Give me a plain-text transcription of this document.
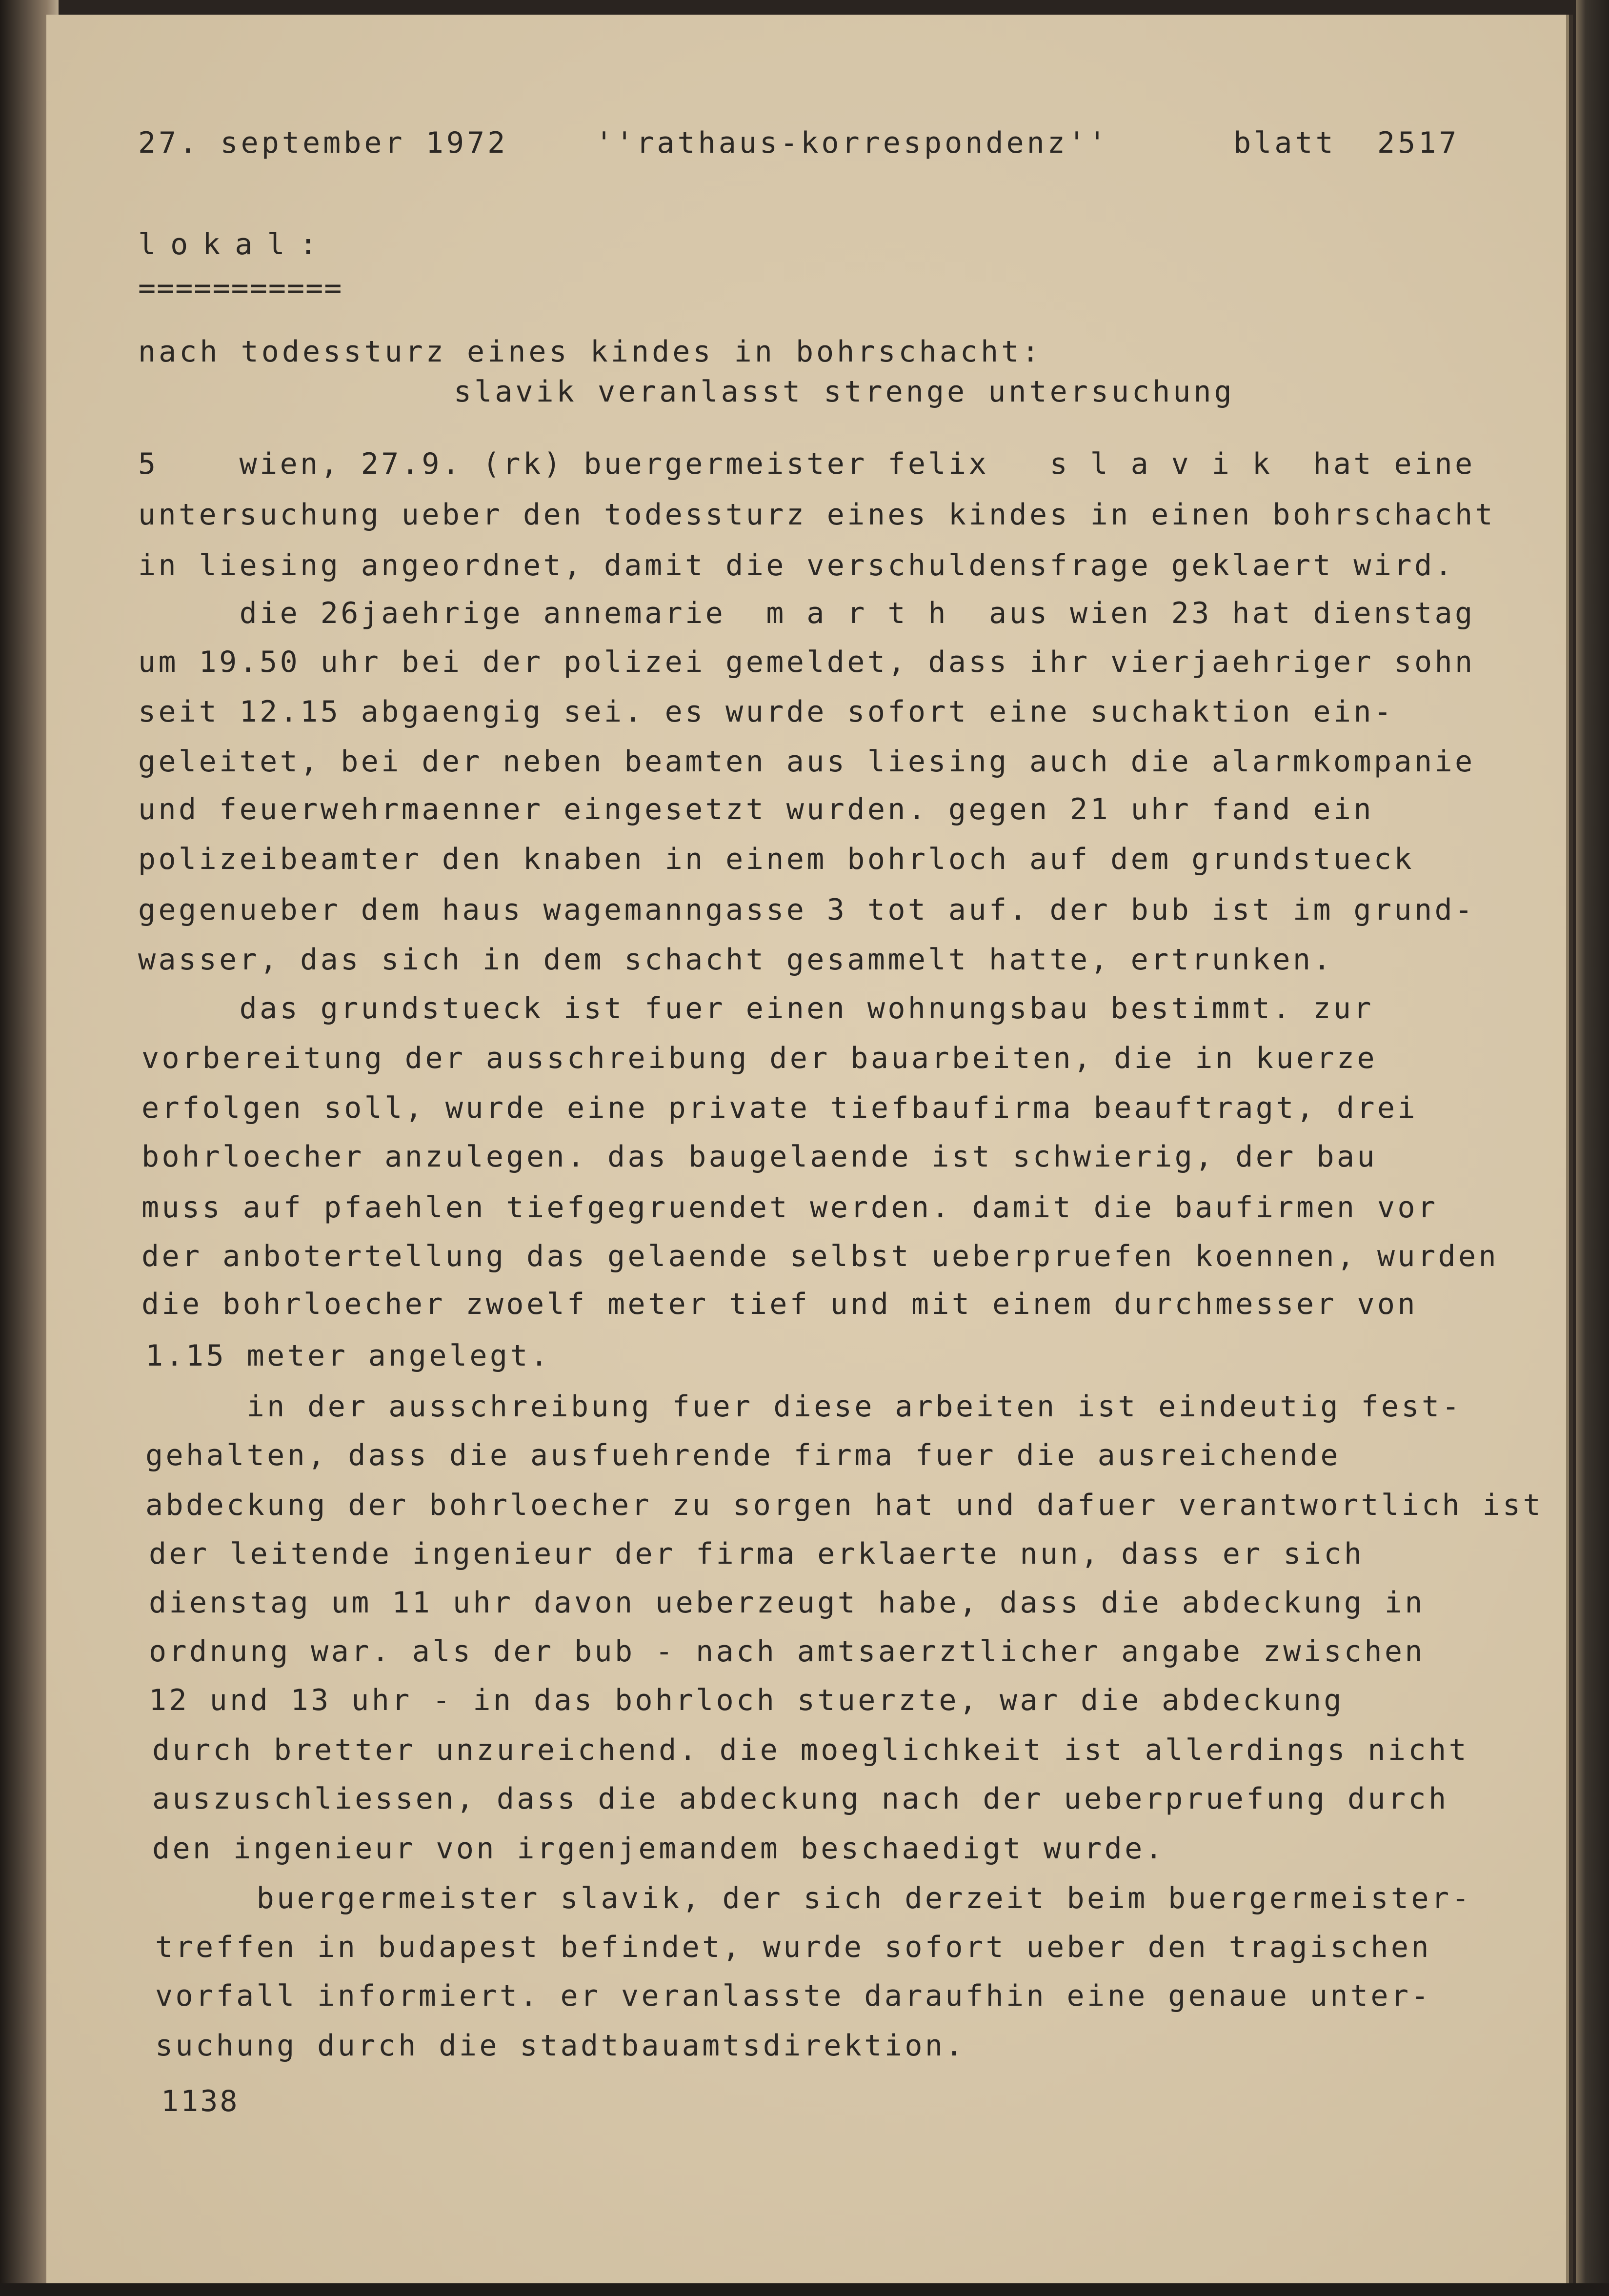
27. september 1972	''rathaus-korrespondenz''	blatt  2517
lokal:
===========
nach todessturz eines kindes in bohrschacht:
slavik veranlasst strenge untersuchung
5    wien, 27.9. (rk) buergermeister felix   s l a v i k  hat eine
untersuchung ueber den todessturz eines kindes in einen bohrschacht
in liesing angeordnet, damit die verschuldensfrage geklaert wird.
die 26jaehrige annemarie  m a r t h  aus wien 23 hat dienstag
um 19.50 uhr bei der polizei gemeldet, dass ihr vierjaehriger sohn
seit 12.15 abgaengig sei. es wurde sofort eine suchaktion ein-
geleitet, bei der neben beamten aus liesing auch die alarmkompanie
und feuerwehrmaenner eingesetzt wurden. gegen 21 uhr fand ein
polizeibeamter den knaben in einem bohrloch auf dem grundstueck
gegenueber dem haus wagemanngasse 3 tot auf. der bub ist im grund-
wasser, das sich in dem schacht gesammelt hatte, ertrunken.
das grundstueck ist fuer einen wohnungsbau bestimmt. zur
vorbereitung der ausschreibung der bauarbeiten, die in kuerze
erfolgen soll, wurde eine private tiefbaufirma beauftragt, drei
bohrloecher anzulegen. das baugelaende ist schwierig, der bau
muss auf pfaehlen tiefgegruendet werden. damit die baufirmen vor
der anbotertellung das gelaende selbst ueberpruefen koennen, wurden
die bohrloecher zwoelf meter tief und mit einem durchmesser von
1.15 meter angelegt.
in der ausschreibung fuer diese arbeiten ist eindeutig fest-
gehalten, dass die ausfuehrende firma fuer die ausreichende
abdeckung der bohrloecher zu sorgen hat und dafuer verantwortlich ist
der leitende ingenieur der firma erklaerte nun, dass er sich
dienstag um 11 uhr davon ueberzeugt habe, dass die abdeckung in
ordnung war. als der bub - nach amtsaerztlicher angabe zwischen
12 und 13 uhr - in das bohrloch stuerzte, war die abdeckung
durch bretter unzureichend. die moeglichkeit ist allerdings nicht
auszuschliessen, dass die abdeckung nach der ueberpruefung durch
den ingenieur von irgenjemandem beschaedigt wurde.
buergermeister slavik, der sich derzeit beim buergermeister-
treffen in budapest befindet, wurde sofort ueber den tragischen
vorfall informiert. er veranlasste daraufhin eine genaue unter-
suchung durch die stadtbauamtsdirektion.
1138
